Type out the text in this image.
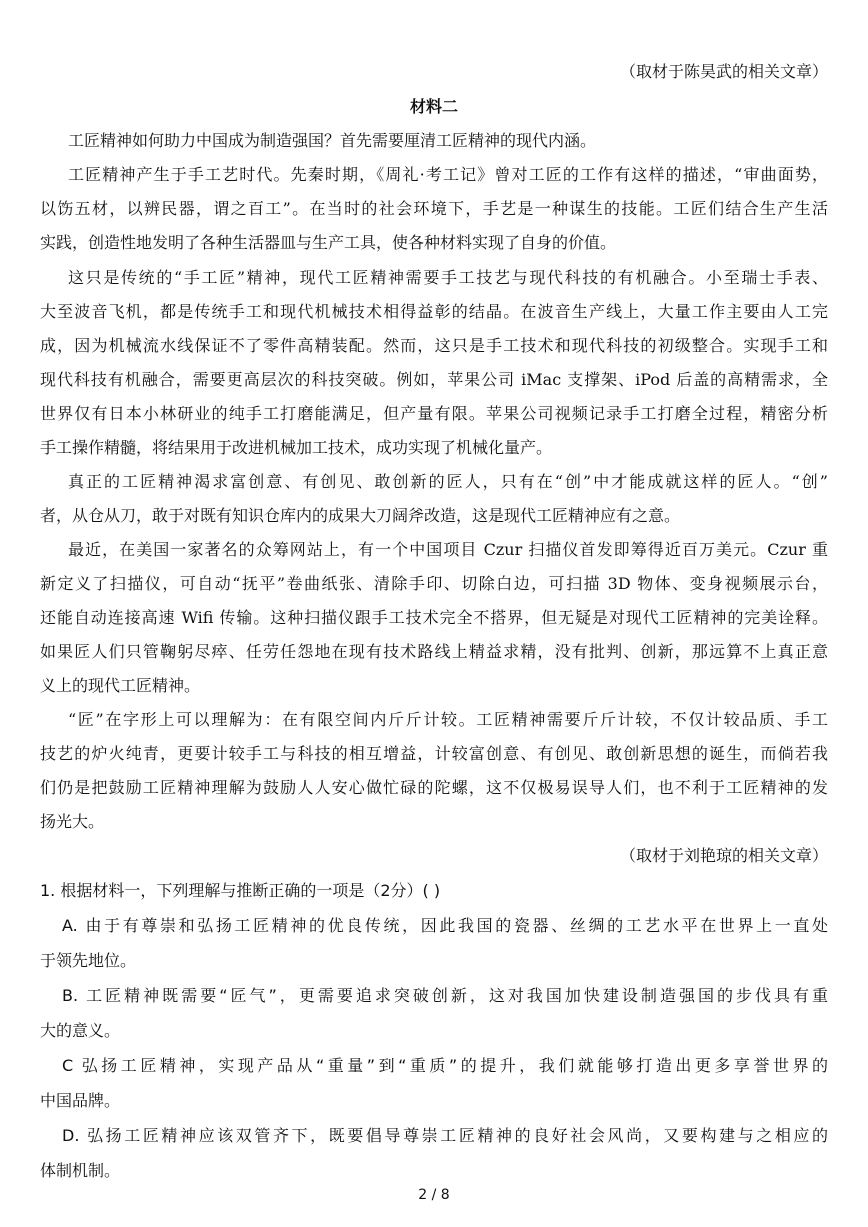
（取材于陈昊武的相关文章）
材料二
工匠精神如何助力中国成为制造强国？首先需要厘清工匠精神的现代内涵。
工匠精神产生于手工艺时代。先秦时期，《周礼·考工记》曾对工匠的工作有这样的描述，“审曲面势，
以饬五材，以辨民器，谓之百工”。在当时的社会环境下，手艺是一种谋生的技能。工匠们结合生产生活
实践，创造性地发明了各种生活器皿与生产工具，使各种材料实现了自身的价值。
这只是传统的“手工匠”精神，现代工匠精神需要手工技艺与现代科技的有机融合。小至瑞士手表、
大至波音飞机，都是传统手工和现代机械技术相得益彰的结晶。在波音生产线上，大量工作主要由人工完
成，因为机械流水线保证不了零件高精装配。然而，这只是手工技术和现代科技的初级整合。实现手工和
现代科技有机融合，需要更高层次的科技突破。例如，苹果公司 iMac 支撑架、iPod 后盖的高精需求，全
世界仅有日本小林研业的纯手工打磨能满足，但产量有限。苹果公司视频记录手工打磨全过程，精密分析
手工操作精髓，将结果用于改进机械加工技术，成功实现了机械化量产。
真正的工匠精神渴求富创意、有创见、敢创新的匠人，只有在“创”中才能成就这样的匠人。“创”
者，从仓从刀，敢于对既有知识仓库内的成果大刀阔斧改造，这是现代工匠精神应有之意。
最近，在美国一家著名的众筹网站上，有一个中国项目 Czur 扫描仪首发即筹得近百万美元。Czur 重
新定义了扫描仪，可自动“抚平”卷曲纸张、清除手印、切除白边，可扫描 3D 物体、变身视频展示台，
还能自动连接高速 Wifi 传输。这种扫描仪跟手工技术完全不搭界，但无疑是对现代工匠精神的完美诠释。
如果匠人们只管鞠躬尽瘁、任劳任怨地在现有技术路线上精益求精，没有批判、创新，那远算不上真正意
义上的现代工匠精神。
“匠”在字形上可以理解为：在有限空间内斤斤计较。工匠精神需要斤斤计较，不仅计较品质、手工
技艺的炉火纯青，更要计较手工与科技的相互增益，计较富创意、有创见、敢创新思想的诞生，而倘若我
们仍是把鼓励工匠精神理解为鼓励人人安心做忙碌的陀螺，这不仅极易误导人们，也不利于工匠精神的发
扬光大。
（取材于刘艳琼的相关文章）
1. 根据材料一，下列理解与推断正确的一项是（2分）( )
A. 由于有尊崇和弘扬工匠精神的优良传统，因此我国的瓷器、丝绸的工艺水平在世界上一直处
于领先地位。
B. 工匠精神既需要“匠气”，更需要追求突破创新，这对我国加快建设制造强国的步伐具有重
大的意义。
C 弘扬工匠精神，实现产品从“重量”到“重质”的提升，我们就能够打造出更多享誉世界的
中国品牌。
D. 弘扬工匠精神应该双管齐下，既要倡导尊崇工匠精神的良好社会风尚，又要构建与之相应的
体制机制。
2 / 8
